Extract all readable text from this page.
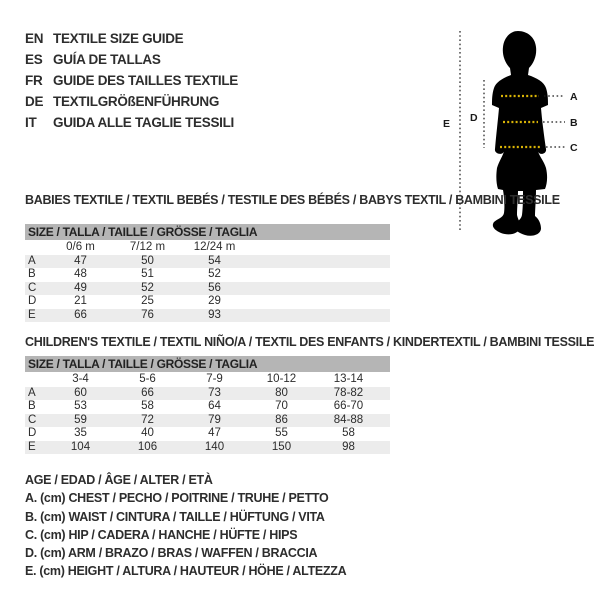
EN TEXTILE SIZE GUIDE
ES GUÍA DE TALLAS
FR GUIDE DES TAILLES TEXTILE
DE TEXTILGRÖßENFÜHRUNG
IT GUIDA ALLE TAGLIE TESSILI
A
B
C
D
E
BABIES TEXTILE / TEXTIL BEBÉS / TESTILE DES BÉBÉS / BABYS TEXTIL / BAMBINI TESSILE
SIZE / TALLA / TAILLE / GRÖSSE / TAGLIA
0/6 m	7/12 m	12/24 m
A	47	50	54
B	48	51	52
C	49	52	56
D	21	25	29
E	66	76	93
CHILDREN'S TEXTILE / TEXTIL NIÑO/A / TEXTIL DES ENFANTS / KINDERTEXTIL / BAMBINI TESSILE
SIZE / TALLA / TAILLE / GRÖSSE / TAGLIA
3-4	5-6	7-9	10-12	13-14
A	60	66	73	80	78-82
B	53	58	64	70	66-70
C	59	72	79	86	84-88
D	35	40	47	55	58
E	104	106	140	150	98
AGE / EDAD / ÂGE / ALTER / ETÀ
A. (cm) CHEST / PECHO / POITRINE / TRUHE / PETTO
B. (cm) WAIST / CINTURA / TAILLE / HÜFTUNG / VITA
C. (cm) HIP / CADERA / HANCHE / HÜFTE / HIPS
D. (cm) ARM / BRAZO / BRAS / WAFFEN / BRACCIA
E. (cm) HEIGHT / ALTURA / HAUTEUR / HÖHE / ALTEZZA
